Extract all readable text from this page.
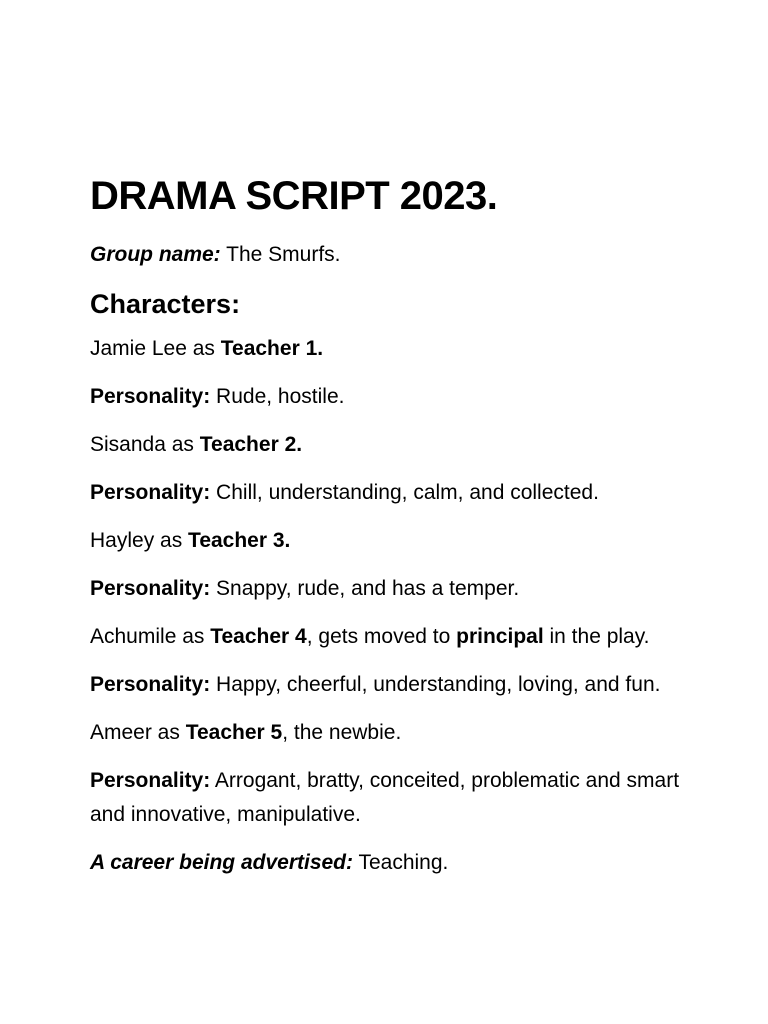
DRAMA SCRIPT 2023.

Group name: The Smurfs.

Characters:

Jamie Lee as Teacher 1.

Personality: Rude, hostile.

Sisanda as Teacher 2.

Personality: Chill, understanding, calm, and collected.

Hayley as Teacher 3.

Personality: Snappy, rude, and has a temper.

Achumile as Teacher 4, gets moved to principal in the play.

Personality: Happy, cheerful, understanding, loving, and fun.

Ameer as Teacher 5, the newbie.

Personality: Arrogant, bratty, conceited, problematic and smart and innovative, manipulative.

A career being advertised: Teaching.
